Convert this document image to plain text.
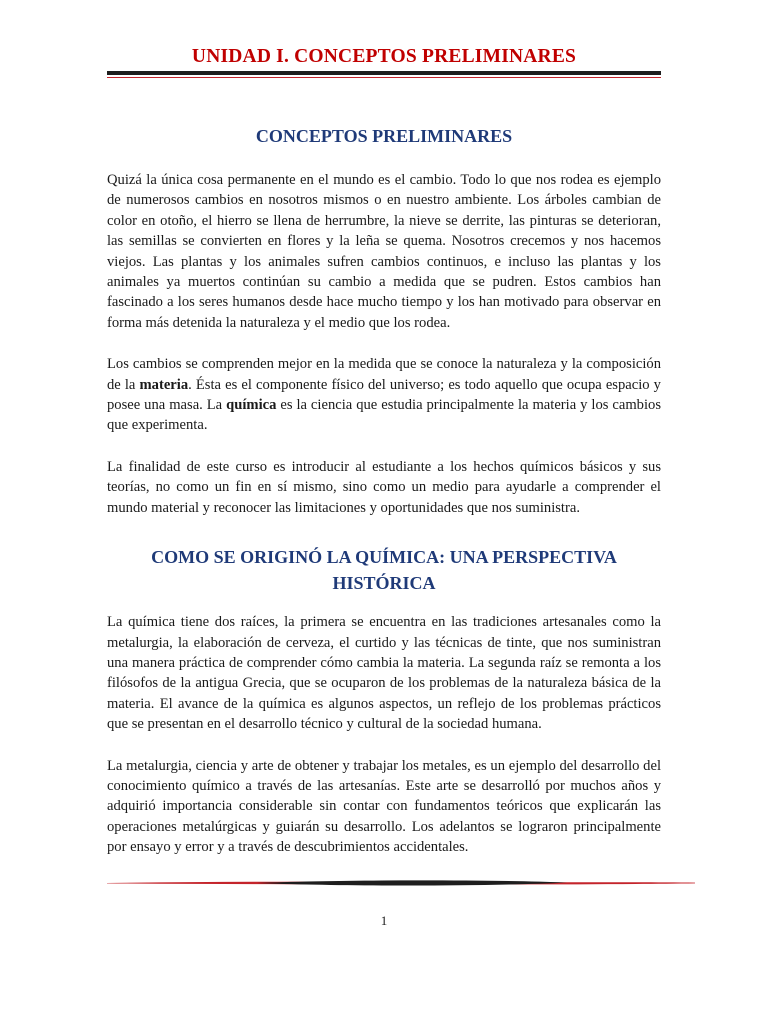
UNIDAD I. CONCEPTOS PRELIMINARES
CONCEPTOS PRELIMINARES

Quizá la única cosa permanente en el mundo es el cambio. Todo lo que nos rodea es ejemplo de numerosos cambios en nosotros mismos o en nuestro ambiente. Los árboles cambian de color en otoño, el hierro se llena de herrumbre, la nieve se derrite, las pinturas se deterioran, las semillas se convierten en flores y la leña se quema. Nosotros crecemos y nos hacemos viejos. Las plantas y los animales sufren cambios continuos, e incluso las plantas y los animales ya muertos continúan su cambio a medida que se pudren. Estos cambios han fascinado a los seres humanos desde hace mucho tiempo y los han motivado para observar en forma más detenida la naturaleza y el medio que los rodea.

Los cambios se comprenden mejor en la medida que se conoce la naturaleza y la composición de la materia. Ésta es el componente físico del universo; es todo aquello que ocupa espacio y posee una masa. La química es la ciencia que estudia principalmente la materia y los cambios que experimenta.

La finalidad de este curso es introducir al estudiante a los hechos químicos básicos y sus teorías, no como un fin en sí mismo, sino como un medio para ayudarle a comprender el mundo material y reconocer las limitaciones y oportunidades que nos suministra.

COMO SE ORIGINÓ LA QUÍMICA: UNA PERSPECTIVA
HISTÓRICA

La química tiene dos raíces, la primera se encuentra en las tradiciones artesanales como la metalurgia, la elaboración de cerveza, el curtido y las técnicas de tinte, que nos suministran una manera práctica de comprender cómo cambia la materia. La segunda raíz se remonta a los filósofos de la antigua Grecia, que se ocuparon de los problemas de la naturaleza básica de la materia. El avance de la química es algunos aspectos, un reflejo de los problemas prácticos que se presentan en el desarrollo técnico y cultural de la sociedad humana.

La metalurgia, ciencia y arte de obtener y trabajar los metales, es un ejemplo del desarrollo del conocimiento químico a través de las artesanías. Este arte se desarrolló por muchos años y adquirió importancia considerable sin contar con fundamentos teóricos que explicarán las operaciones metalúrgicas y guiarán su desarrollo. Los adelantos se lograron principalmente por ensayo y error y a través de descubrimientos accidentales.

1
